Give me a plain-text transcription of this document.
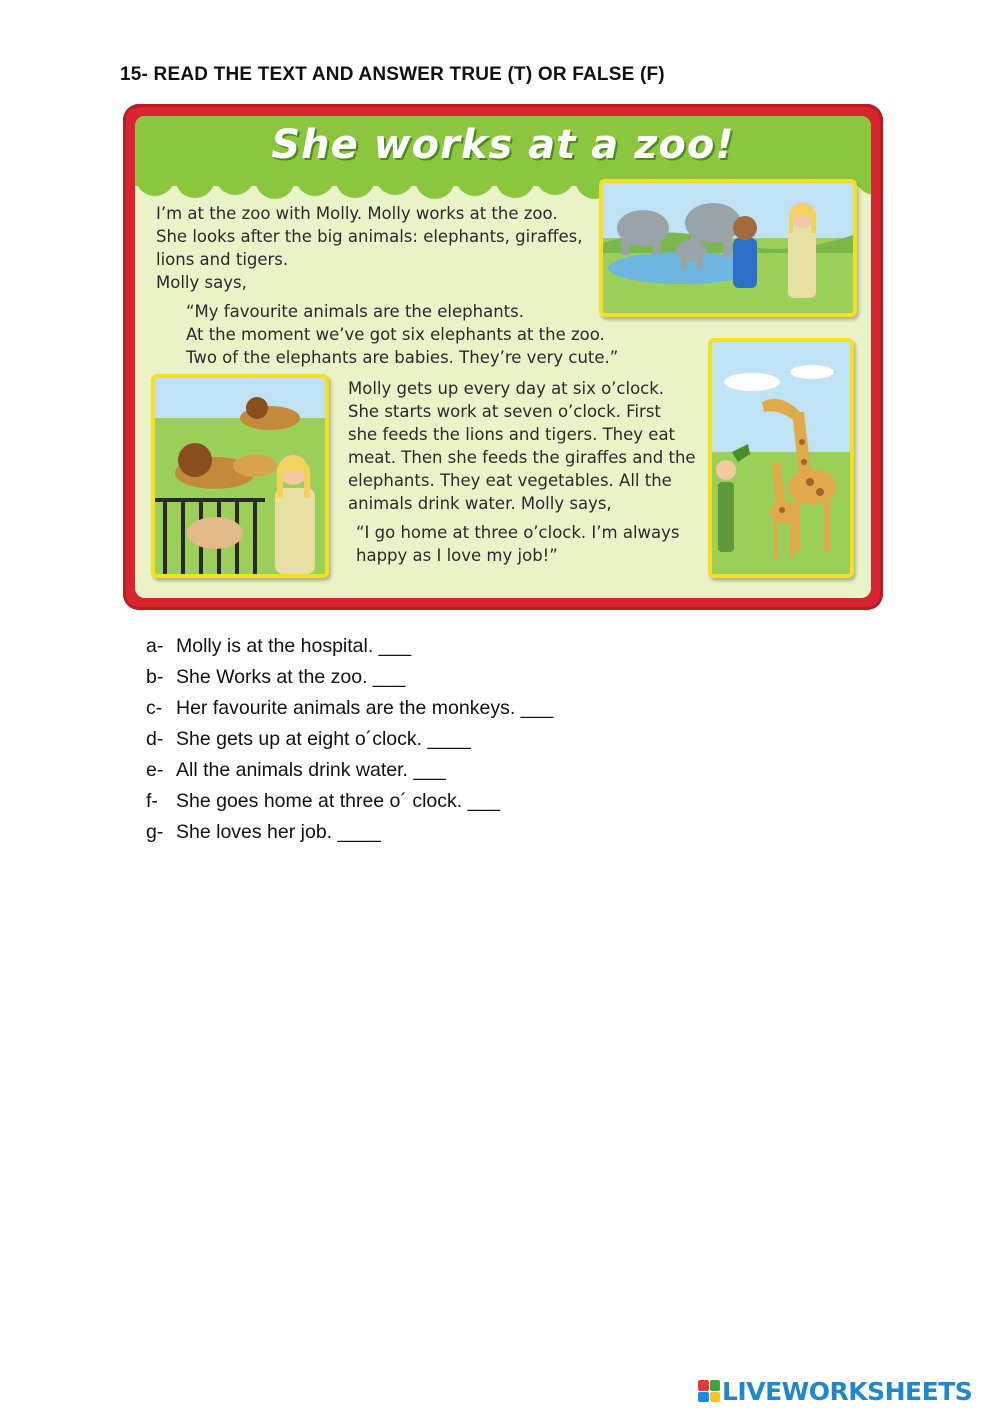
15- READ THE TEXT AND ANSWER TRUE (T) OR FALSE (F)
She works at a zoo!
I’m at the zoo with Molly. Molly works at the zoo.
She looks after the big animals: elephants, giraffes,
lions and tigers.
Molly says,
“My favourite animals are the elephants.
At the moment we’ve got six elephants at the zoo.
Two of the elephants are babies. They’re very cute.”
Molly gets up every day at six o’clock.
She starts work at seven o’clock. First
she feeds the lions and tigers. They eat
meat. Then she feeds the giraffes and the
elephants. They eat vegetables. All the
animals drink water. Molly says,
“I go home at three o’clock. I’m always
happy as I love my job!”
a- Molly is at the hospital. ___
b- She Works at the zoo. ___
c- Her favourite animals are the monkeys. ___
d- She gets up at eight o´clock. ____
e- All the animals drink water. ___
f- She goes home at three o´ clock. ___
g- She loves her job. ____
LIVEWORKSHEETS
